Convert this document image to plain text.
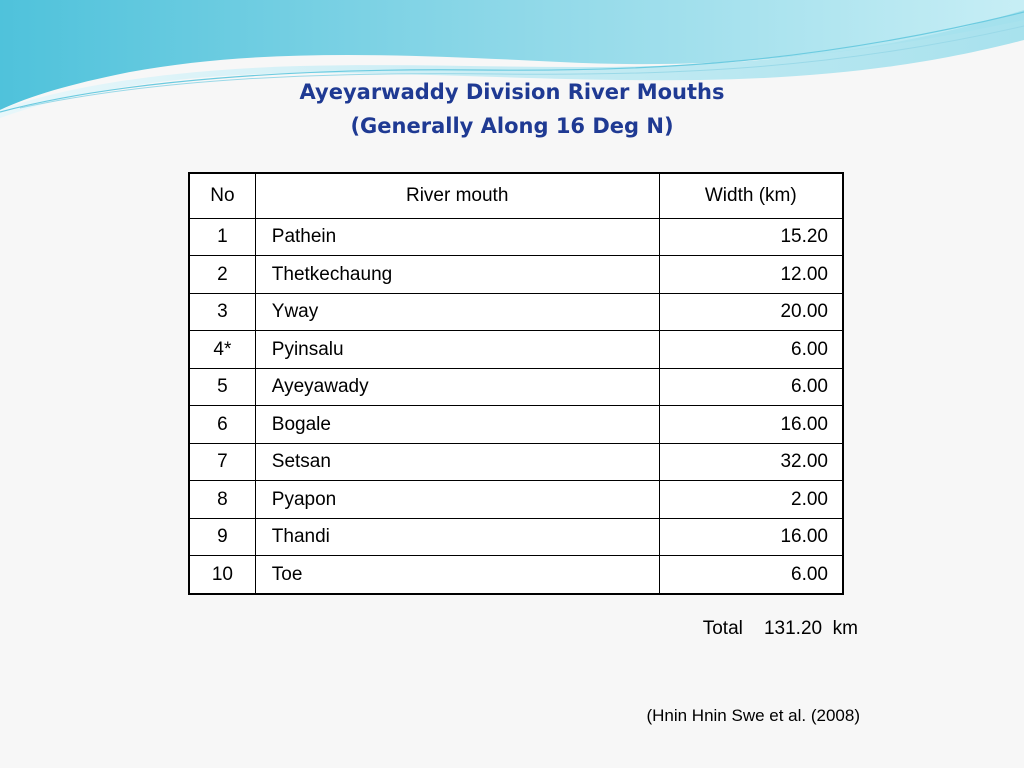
Ayeyarwaddy Division River Mouths
(Generally Along 16 Deg N)
No	River mouth	Width (km)
1	Pathein	15.20
2	Thetkechaung	12.00
3	Yway	20.00
4*	Pyinsalu	6.00
5	Ayeyawady	6.00
6	Bogale	16.00
7	Setsan	32.00
8	Pyapon	2.00
9	Thandi	16.00
10	Toe	6.00
Total 131.20 km
(Hnin Hnin Swe et al. (2008)
